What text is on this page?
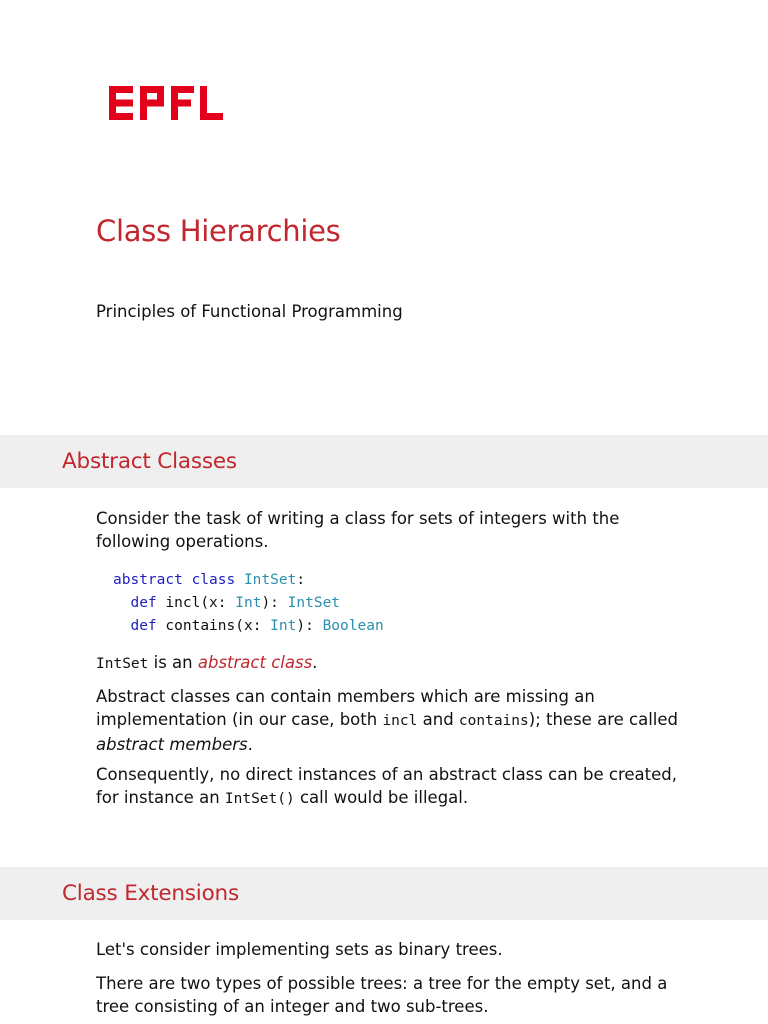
Class Hierarchies

Principles of Functional Programming

Abstract Classes

Consider the task of writing a class for sets of integers with the following operations.

abstract class IntSet:
def incl(x: Int): IntSet
def contains(x: Int): Boolean

IntSet is an abstract class.

Abstract classes can contain members which are missing an implementation (in our case, both incl and contains); these are called abstract members.

Consequently, no direct instances of an abstract class can be created, for instance an IntSet() call would be illegal.

Class Extensions

Let's consider implementing sets as binary trees.

There are two types of possible trees: a tree for the empty set, and a tree consisting of an integer and two sub-trees.
